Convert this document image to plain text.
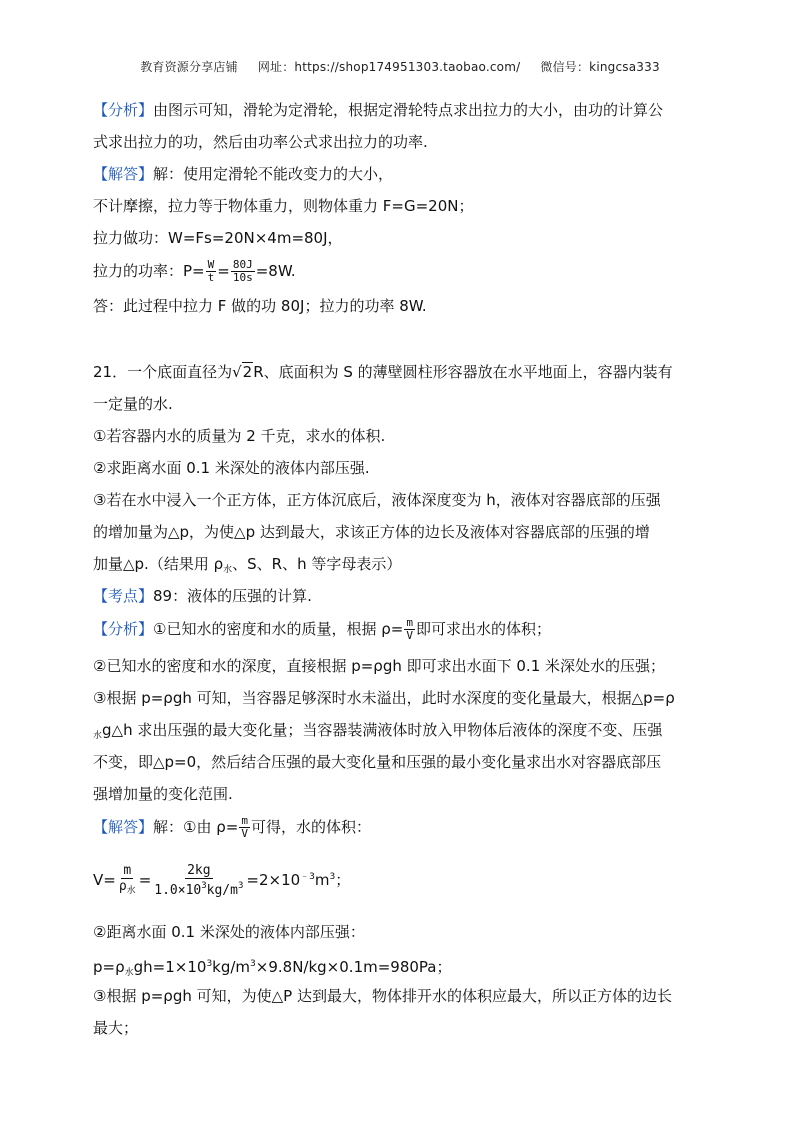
教育资源分享店铺 网址：https://shop174951303.taobao.com/ 微信号：kingcsa333
【分析】由图示可知，滑轮为定滑轮，根据定滑轮特点求出拉力的大小，由功的计算公
式求出拉力的功，然后由功率公式求出拉力的功率.
【解答】解：使用定滑轮不能改变力的大小，
不计摩擦，拉力等于物体重力，则物体重力 F=G=20N；
拉力做功：W=Fs=20N×4m=80J，
拉力的功率：$P= \frac{W}{t} = \frac{80J}{10s} =8W$.
答：此过程中拉力 F 做的功 80J；拉力的功率 8W.
21．一个底面直径为√2R、底面积为 S 的薄壁圆柱形容器放在水平地面上，容器内装有
一定量的水.
①若容器内水的质量为 2 千克，求水的体积.
②求距离水面 0.1 米深处的液体内部压强.
③若在水中浸入一个正方体，正方体沉底后，液体深度变为 h，液体对容器底部的压强
的增加量为△p，为使△p 达到最大，求该正方体的边长及液体对容器底部的压强的增
加量△p.（结果用 $\rho_水$、S、R、h 等字母表示）
【考点】89：液体的压强的计算.
【分析】①已知水的密度和水的质量，根据 $\rho= \frac{m}{V}$ 即可求出水的体积；
②已知水的密度和水的深度，直接根据 p=ρgh 即可求出水面下 0.1 米深处水的压强；
③根据 p=ρgh 可知，当容器足够深时水未溢出，此时水深度的变化量最大，根据△p=ρ
$_水$g△h 求出压强的最大变化量；当容器装满液体时放入甲物体后液体的深度不变、压强
不变，即△p=0，然后结合压强的最大变化量和压强的最小变化量求出水对容器底部压
强增加量的变化范围.
【解答】解：①由 $\rho= \frac{m}{V}$ 可得，水的体积：
$V= \frac{m}{\rho_水} = \frac{2kg}{1.0\times 10^3kg/m^3} =2\times 10^{﹣3}m^3$；
②距离水面 0.1 米深处的液体内部压强：
$p=\rho_水gh=1\times 10^3kg/m^3\times 9.8N/kg\times 0.1m=980Pa$；
③根据 p=ρgh 可知，为使△P 达到最大，物体排开水的体积应最大，所以正方体的边长
最大；
